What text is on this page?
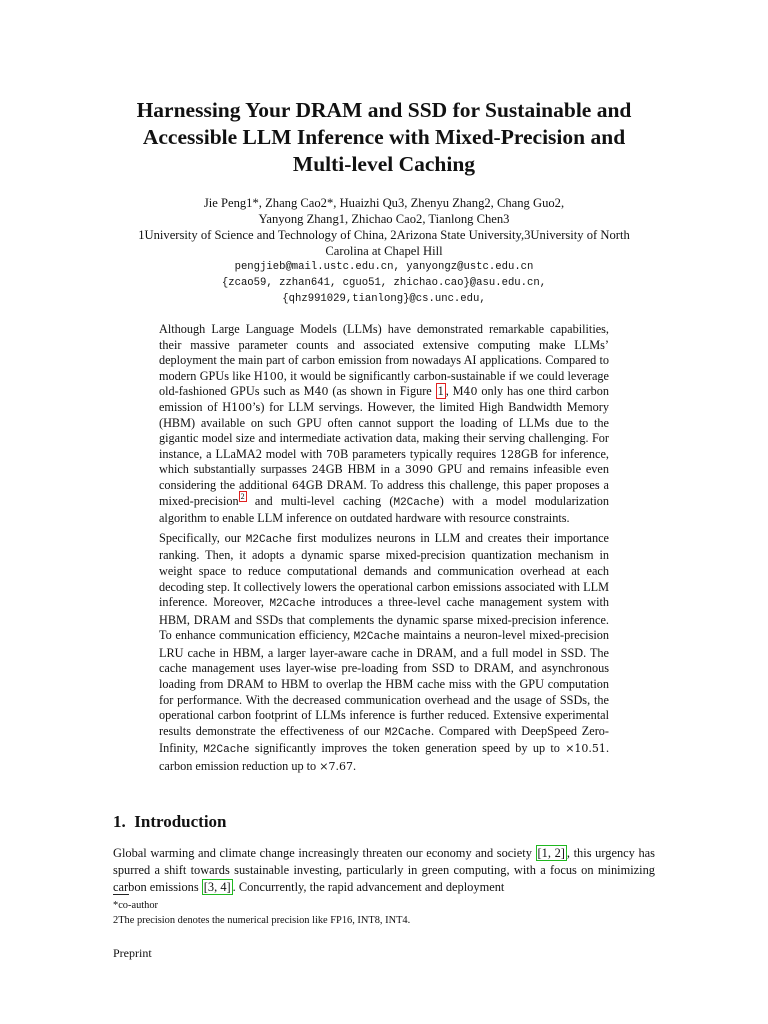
Harnessing Your DRAM and SSD for Sustainable and
Accessible LLM Inference with Mixed-Precision and
Multi-level Caching
Jie Peng1*, Zhang Cao2*, Huaizhi Qu3, Zhenyu Zhang2, Chang Guo2,
Yanyong Zhang1, Zhichao Cao2, Tianlong Chen3
1University of Science and Technology of China, 2Arizona State University,3University of North
Carolina at Chapel Hill
pengjieb@mail.ustc.edu.cn, yanyongz@ustc.edu.cn
{zcao59, zzhan641, cguo51, zhichao.cao}@asu.edu.cn,
{qhz991029,tianlong}@cs.unc.edu,

Although Large Language Models (LLMs) have demonstrated remarkable capabilities, their massive parameter counts and associated extensive computing make LLMs’ deployment the main part of carbon emission from nowadays AI applications. Compared to modern GPUs like H100, it would be significantly carbon-sustainable if we could leverage old-fashioned GPUs such as M40 (as shown in Figure 1 , M40 only has one third carbon emission of H100’s) for LLM servings. However, the limited High Bandwidth Memory (HBM) available on such GPU often cannot support the loading of LLMs due to the gigantic model size and intermediate activation data, making their serving challenging. For instance, a LLaMA2 model with 70B parameters typically requires 128GB for inference, which substantially surpasses 24GB HBM in a 3090 GPU and remains infeasible even considering the additional 64GB DRAM. To address this challenge, this paper proposes a mixed-precision $^2$ and multi-level caching (M2Cache) with a model modularization algorithm to enable LLM inference on outdated hardware with resource constraints.

Specifically, our M2Cache first modulizes neurons in LLM and creates their importance ranking. Then, it adopts a dynamic sparse mixed-precision quantization mechanism in weight space to reduce computational demands and communication overhead at each decoding step. It collectively lowers the operational carbon emissions associated with LLM inference. Moreover, M2Cache introduces a three-level cache management system with HBM, DRAM and SSDs that complements the dynamic sparse mixed-precision inference. To enhance communication efficiency, M2Cache maintains a neuron-level mixed-precision LRU cache in HBM, a larger layer-aware cache in DRAM, and a full model in SSD. The cache management uses layer-wise pre-loading from SSD to DRAM, and asynchronous loading from DRAM to HBM to overlap the HBM cache miss with the GPU computation for performance. With the decreased communication overhead and the usage of SSDs, the operational carbon footprint of LLMs inference is further reduced. Extensive experimental results demonstrate the effectiveness of our M2Cache. Compared with DeepSpeed Zero-Infinity, M2Cache significantly improves the token generation speed by up to ×10.51. carbon emission reduction up to ×7.67.

1. Introduction

Global warming and climate change increasingly threaten our economy and society [1, 2] , this urgency has spurred a shift towards sustainable investing, particularly in green computing, with a focus on minimizing carbon emissions [3, 4] . Concurrently, the rapid advancement and deployment

*co-author
2The precision denotes the numerical precision like FP16, INT8, INT4.
Preprint
